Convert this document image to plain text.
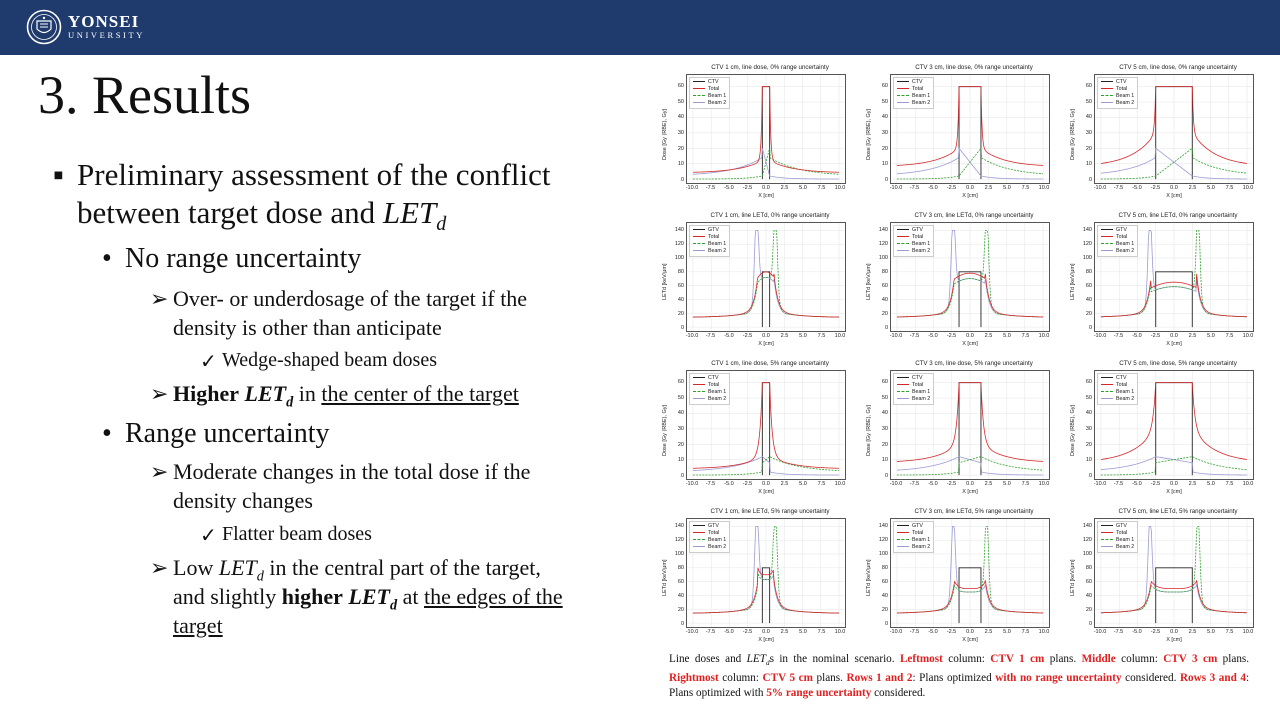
YONSEI
UNIVERSITY
3. Results
▪ Preliminary assessment of the conflict
between target dose and $LET_d$
• No range uncertainty
➢ Over- or underdosage of the target if the
density is other than anticipate
✓ Wedge-shaped beam doses
➢ Higher $LET_d$ in the center of the target
• Range uncertainty
➢ Moderate changes in the total dose if the
density changes
✓ Flatter beam doses
➢ Low $LET_d$ in the central part of the target,
and slightly higher $LET_d$ at the edges of the
target
CTV 1 cm, line dose, 0% range uncertainty
Dose [Gy (RBE), Gy]
X [cm]
-10.0 -7.5 -5.0 -2.5 0.0 2.5 5.0 7.5 10.0
0
10
20
30
40
50
60
CTV
Total
Beam 1
Beam 2
CTV 3 cm, line dose, 0% range uncertainty
Dose [Gy (RBE), Gy]
X [cm]
-10.0 -7.5 -5.0 -2.5 0.0 2.5 5.0 7.5 10.0
0
10
20
30
40
50
60
CTV
Total
Beam 1
Beam 2
CTV 5 cm, line dose, 0% range uncertainty
Dose [Gy (RBE), Gy]
X [cm]
-10.0 -7.5 -5.0 -2.5 0.0 2.5 5.0 7.5 10.0
0
10
20
30
40
50
60
CTV
Total
Beam 1
Beam 2
CTV 1 cm, line LETd, 0% range uncertainty
LETd [keV/μm]
X [cm]
-10.0 -7.5 -5.0 -2.5 0.0 2.5 5.0 7.5 10.0
0
20
40
60
80
100
120
140	GTV
Total
Beam 1
Beam 2
CTV 3 cm, line LETd, 0% range uncertainty
LETd [keV/μm]
X [cm]
-10.0 -7.5 -5.0 -2.5 0.0 2.5 5.0 7.5 10.0
0
20
40
60
80
100
120
140	GTV
Total
Beam 1
Beam 2
CTV 5 cm, line LETd, 0% range uncertainty
LETd [keV/μm]
X [cm]
-10.0 -7.5 -5.0 -2.5 0.0 2.5 5.0 7.5 10.0
0
20
40
60
80
100
120
140	GTV
Total
Beam 1
Beam 2
CTV 1 cm, line dose, 5% range uncertainty
Dose [Gy (RBE), Gy]
X [cm]
-10.0 -7.5 -5.0 -2.5 0.0 2.5 5.0 7.5 10.0
0
10
20
30
40
50
60
CTV
Total
Beam 1
Beam 2
CTV 3 cm, line dose, 5% range uncertainty
Dose [Gy (RBE), Gy]
X [cm]
-10.0 -7.5 -5.0 -2.5 0.0 2.5 5.0 7.5 10.0
0
10
20
30
40
50
60
CTV
Total
Beam 1
Beam 2
CTV 5 cm, line dose, 5% range uncertainty
Dose [Gy (RBE), Gy]
X [cm]
-10.0 -7.5 -5.0 -2.5 0.0 2.5 5.0 7.5 10.0
0
10
20
30
40
50
60
CTV
Total
Beam 1
Beam 2
CTV 1 cm, line LETd, 5% range uncertainty
LETd [keV/μm]
X [cm]
-10.0 -7.5 -5.0 -2.5 0.0 2.5 5.0 7.5 10.0
0
20
40
60
80
100
120
140	GTV
Total
Beam 1
Beam 2
CTV 3 cm, line LETd, 5% range uncertainty
LETd [keV/μm]
X [cm]
-10.0 -7.5 -5.0 -2.5 0.0 2.5 5.0 7.5 10.0
0
20
40
60
80
100
120
140	GTV
Total
Beam 1
Beam 2
CTV 5 cm, line LETd, 5% range uncertainty
LETd [keV/μm]
X [cm]
-10.0 -7.5 -5.0 -2.5 0.0 2.5 5.0 7.5 10.0
0
20
40
60
80
100
120
140	GTV
Total
Beam 1
Beam 2
Line doses and $LET_ds$ in the nominal scenario. Leftmost column: CTV 1 cm plans. Middle column: CTV 3 cm plans. Rightmost column: CTV 5 cm plans. Rows 1 and 2: Plans optimized with no range uncertainty considered. Rows 3 and 4: Plans optimized with 5% range uncertainty considered.
